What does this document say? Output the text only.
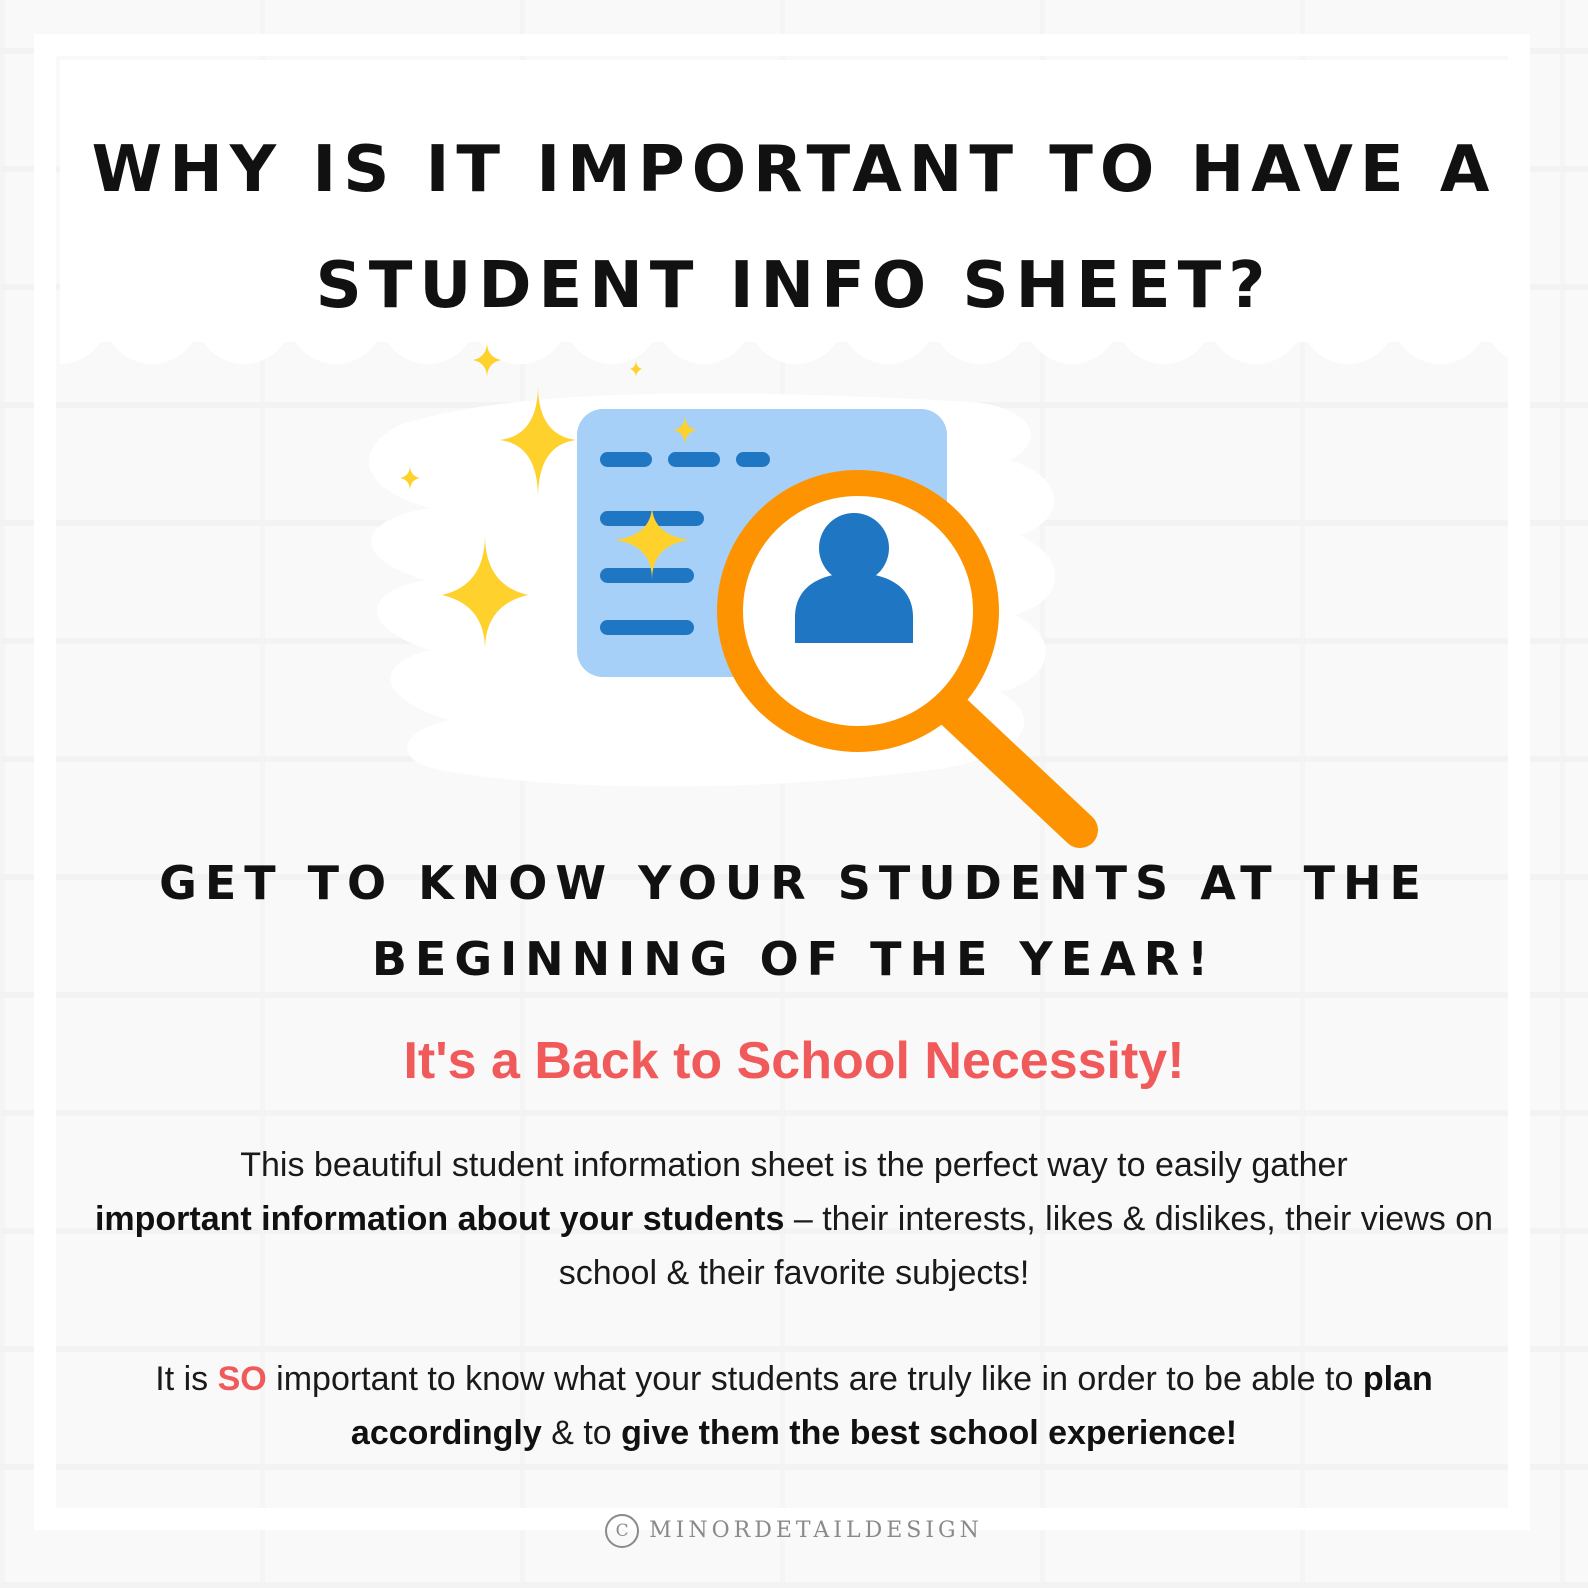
WHY IS IT IMPORTANT TO HAVE A STUDENT INFO SHEET?
GET TO KNOW YOUR STUDENTS AT THE BEGINNING OF THE YEAR!
It's a Back to School Necessity!

This beautiful student information sheet is the perfect way to easily gather
important information about your students – their interests, likes & dislikes, their views on school & their favorite subjects!

It is SO important to know what your students are truly like in order to be able to plan accordingly & to give them the best school experience!

C MINORDETAILDESIGN
